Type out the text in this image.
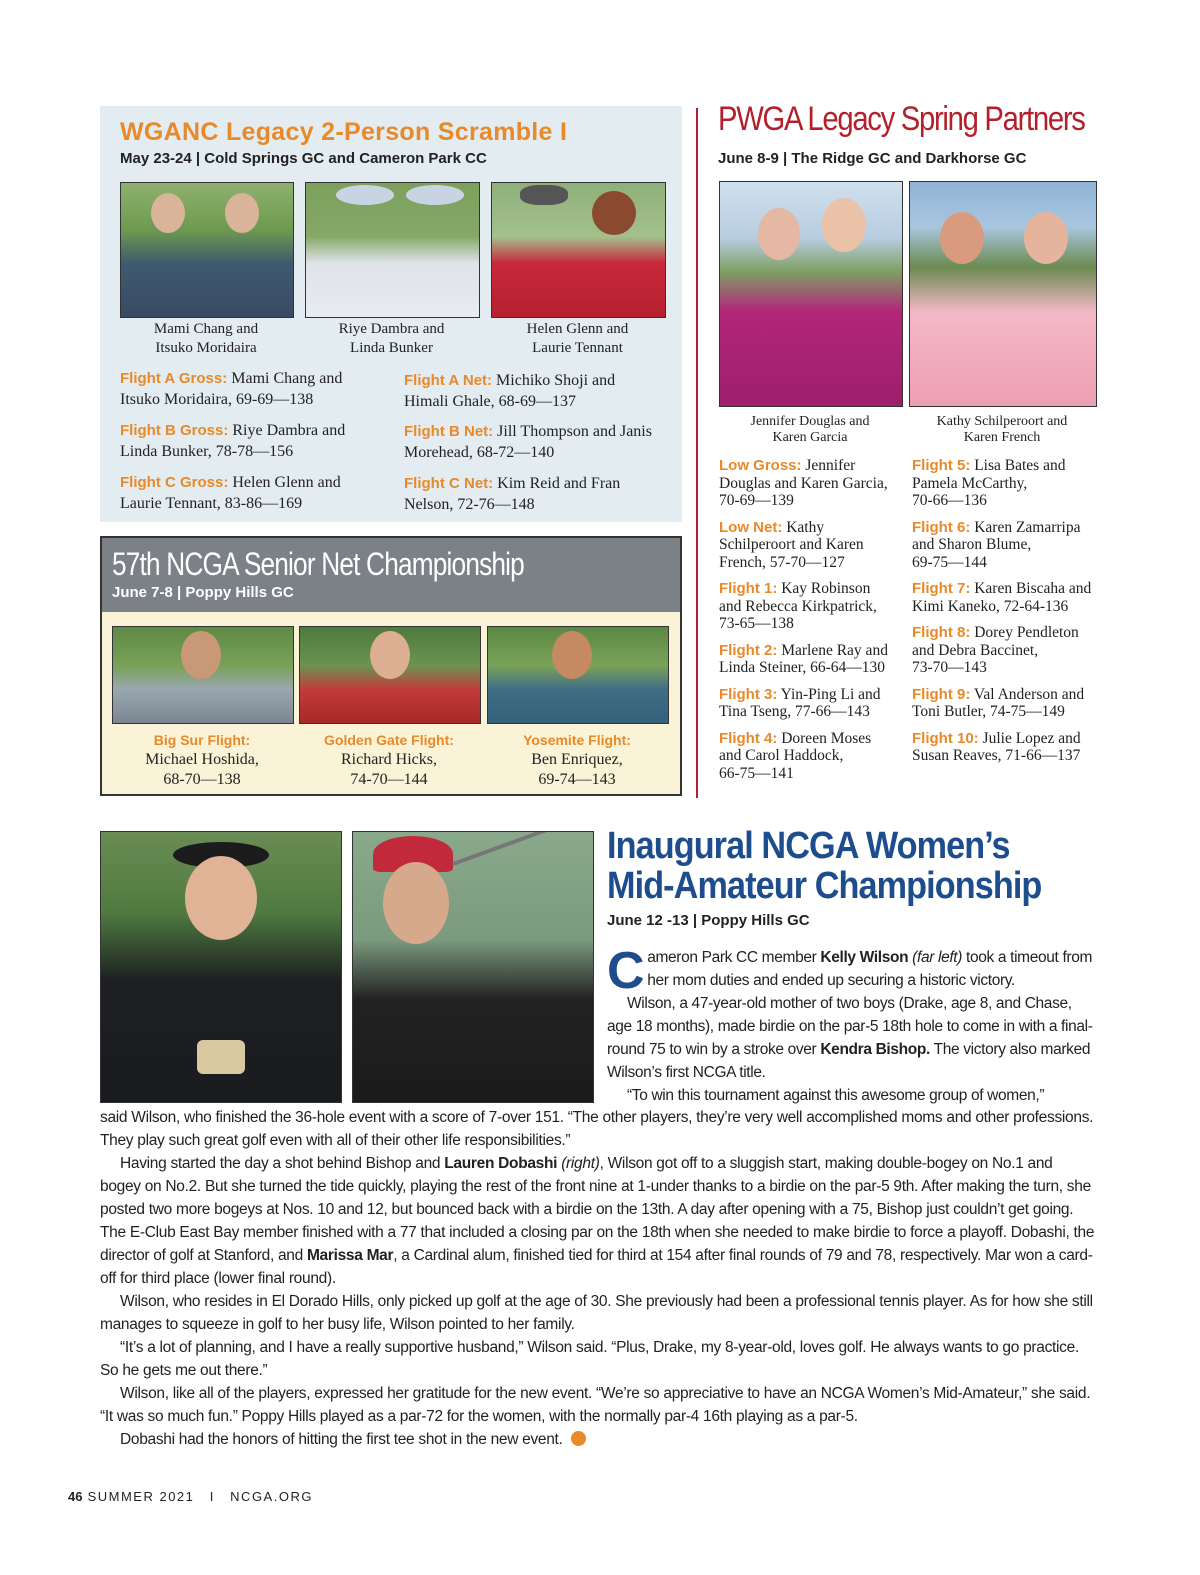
WGANC Legacy 2-Person Scramble I
May 23-24 | Cold Springs GC and Cameron Park CC
Mami Chang and
Itsuko Moridaira
Riye Dambra and
Linda Bunker
Helen Glenn and
Laurie Tennant
Flight A Gross: Mami Chang and
Itsuko Moridaira, 69-69—138
Flight B Gross: Riye Dambra and
Linda Bunker, 78-78—156
Flight C Gross: Helen Glenn and
Laurie Tennant, 83-86—169
Flight A Net: Michiko Shoji and
Himali Ghale, 68-69—137
Flight B Net: Jill Thompson and Janis
Morehead, 68-72—140
Flight C Net: Kim Reid and Fran
Nelson, 72-76—148
PWGA Legacy Spring Partners
June 8-9 | The Ridge GC and Darkhorse GC
Jennifer Douglas and
Karen Garcia
Kathy Schilperoort and
Karen French
Low Gross: Jennifer
Douglas and Karen Garcia,
70-69—139
Low Net: Kathy
Schilperoort and Karen
French, 57-70—127
Flight 1: Kay Robinson
and Rebecca Kirkpatrick,
73-65—138
Flight 2: Marlene Ray and
Linda Steiner, 66-64—130
Flight 3: Yin-Ping Li and
Tina Tseng, 77-66—143
Flight 4: Doreen Moses
and Carol Haddock,
66-75—141
Flight 5: Lisa Bates and
Pamela McCarthy,
70-66—136
Flight 6: Karen Zamarripa
and Sharon Blume,
69-75—144
Flight 7: Karen Biscaha and
Kimi Kaneko, 72-64-136
Flight 8: Dorey Pendleton
and Debra Baccinet,
73-70—143
Flight 9: Val Anderson and
Toni Butler, 74-75—149
Flight 10: Julie Lopez and
Susan Reaves, 71-66—137
57th NCGA Senior Net Championship
June 7-8 | Poppy Hills GC
Big Sur Flight:
Michael Hoshida,
68-70—138
Golden Gate Flight:
Richard Hicks,
74-70—144
Yosemite Flight:
Ben Enriquez,
69-74—143
Inaugural NCGA Women’s
Mid-Amateur Championship
June 12 -13 | Poppy Hills GC

Cameron Park CC member Kelly Wilson (far left) took a timeout from her mom duties and ended up securing a historic victory.

Wilson, a 47-year-old mother of two boys (Drake, age 8, and Chase, age 18 months), made birdie on the par-5 18th hole to come in with a final-round 75 to win by a stroke over Kendra Bishop. The victory also marked Wilson’s first NCGA title.

“To win this tournament against this awesome group of women,”

said Wilson, who finished the 36-hole event with a score of 7-over 151. “The other players, they’re very well accomplished moms and other professions. They play such great golf even with all of their other life responsibilities.”

Having started the day a shot behind Bishop and Lauren Dobashi (right), Wilson got off to a sluggish start, making double-bogey on No.1 and bogey on No.2. But she turned the tide quickly, playing the rest of the front nine at 1-under thanks to a birdie on the par-5 9th. After making the turn, she posted two more bogeys at Nos. 10 and 12, but bounced back with a birdie on the 13th. A day after opening with a 75, Bishop just couldn’t get going. The E-Club East Bay member finished with a 77 that included a closing par on the 18th when she needed to make birdie to force a playoff. Dobashi, the director of golf at Stanford, and Marissa Mar, a Cardinal alum, finished tied for third at 154 after final rounds of 79 and 78, respectively. Mar won a card-off for third place (lower final round).

Wilson, who resides in El Dorado Hills, only picked up golf at the age of 30. She previously had been a professional tennis player. As for how she still manages to squeeze in golf to her busy life, Wilson pointed to her family.

“It’s a lot of planning, and I have a really supportive husband,” Wilson said. “Plus, Drake, my 8-year-old, loves golf. He always wants to go practice. So he gets me out there.”

Wilson, like all of the players, expressed her gratitude for the new event. “We’re so appreciative to have an NCGA Women’s Mid-Amateur,” she said. “It was so much fun.” Poppy Hills played as a par-72 for the women, with the normally par-4 16th playing as a par-5.

Dobashi had the honors of hitting the first tee shot in the new event.

46 SUMMER 2021   I   NCGA.ORG
